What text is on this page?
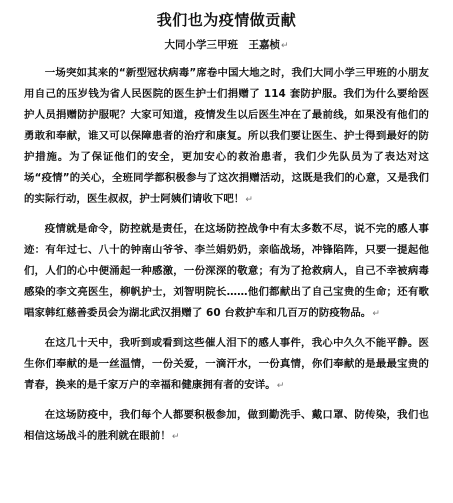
我们也为疫情做贡献
大同小学三甲班　王嘉桢↵

一场突如其来的“新型冠状病毒”席卷中国大地之时，我们大同小学三甲班的小朋友用自己的压岁钱为省人民医院的医生护士们捐赠了 114 套防护服。我们为什么要给医护人员捐赠防护服呢？大家可知道，疫情发生以后医生冲在了最前线，如果没有他们的勇敢和奉献，谁又可以保障患者的治疗和康复。所以我们要让医生、护士得到最好的防护措施。为了保证他们的安全，更加安心的救治患者，我们少先队员为了表达对这场“疫情”的关心，全班同学都积极参与了这次捐赠活动，这既是我们的心意，又是我们的实际行动，医生叔叔，护士阿姨们请收下吧！↵

疫情就是命令，防控就是责任，在这场防控战争中有太多数不尽，说不完的感人事迹：有年过七、八十的钟南山爷爷、李兰娟奶奶，亲临战场，冲锋陷阵，只要一提起他们，人们的心中便涌起一种感激，一份深深的敬意；有为了抢救病人，自己不幸被病毒感染的李文亮医生，柳帆护士，刘智明院长……他们都献出了自己宝贵的生命；还有歌唱家韩红慈善委员会为湖北武汉捐赠了 60 台救护车和几百万的防疫物品。↵

在这几十天中，我听到或看到这些催人泪下的感人事件，我心中久久不能平静。医生你们奉献的是一丝温情，一份关爱，一滴汗水，一份真情，你们奉献的是最最宝贵的青春，换来的是千家万户的幸福和健康拥有者的安详。↵

在这场防疫中，我们每个人都要积极参加，做到勤洗手、戴口罩、防传染，我们也相信这场战斗的胜利就在眼前！↵
